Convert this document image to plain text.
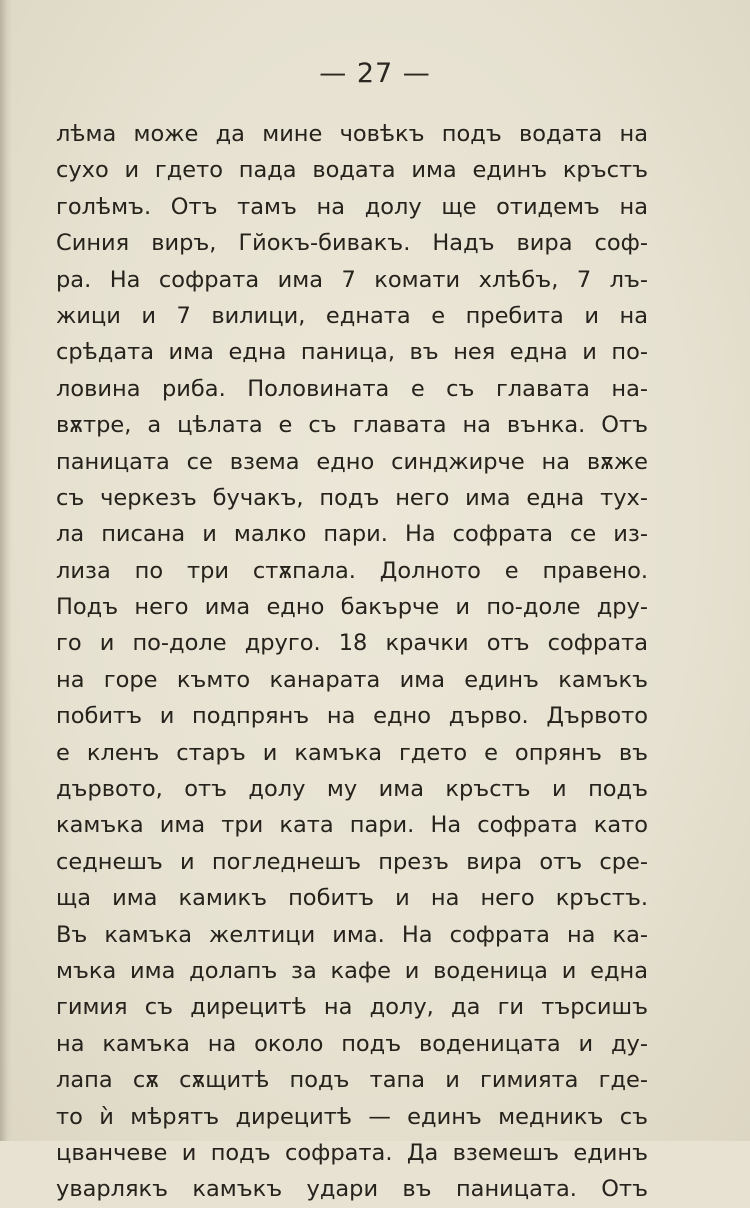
— 27 —
лѣма може да мине човѣкъ подъ водата на
сухо и гдето пада водата има единъ кръстъ
голѣмъ. Отъ тамъ на долу ще отидемъ на
Синия виръ, Гйокъ-бивакъ. Надъ вира соф-
ра. На софрата има 7 комати хлѣбъ, 7 лъ-
жици и 7 вилици, едната е пребита и на
срѣдата има една паница, въ нея една и по-
ловина риба. Половината е съ главата на-
вѫтре, а цѣлата е съ главата на вънка. Отъ
паницата се взема едно синджирче на вѫже
съ черкезъ бучакъ, подъ него има една тух-
ла писана и малко пари. На софрата се из-
лиза по три стѫпала. Долното е правено.
Подъ него има едно бакърче и по-доле дру-
го и по-доле друго. 18 крачки отъ софрата
на горе къмто канарата има единъ камъкъ
побитъ и подпрянъ на едно дърво. Дървото
е кленъ старъ и камъка гдето е опрянъ въ
дървото, отъ долу му има кръстъ и подъ
камъка има три ката пари. На софрата като
седнешъ и погледнешъ презъ вира отъ сре-
ща има камикъ побитъ и на него кръстъ.
Въ камъка желтици има. На софрата на ка-
мъка има долапъ за кафе и воденица и една
гимия съ дирецитѣ на долу, да ги търсишъ
на камъка на около подъ воденицата и ду-
лапа сѫ сѫщитѣ подъ тапа и гимията где-
то ѝ мѣрятъ дирецитѣ — единъ медникъ съ
цванчеве и подъ софрата. Да вземешъ единъ
уварлякъ камъкъ удари въ паницата. Отъ
